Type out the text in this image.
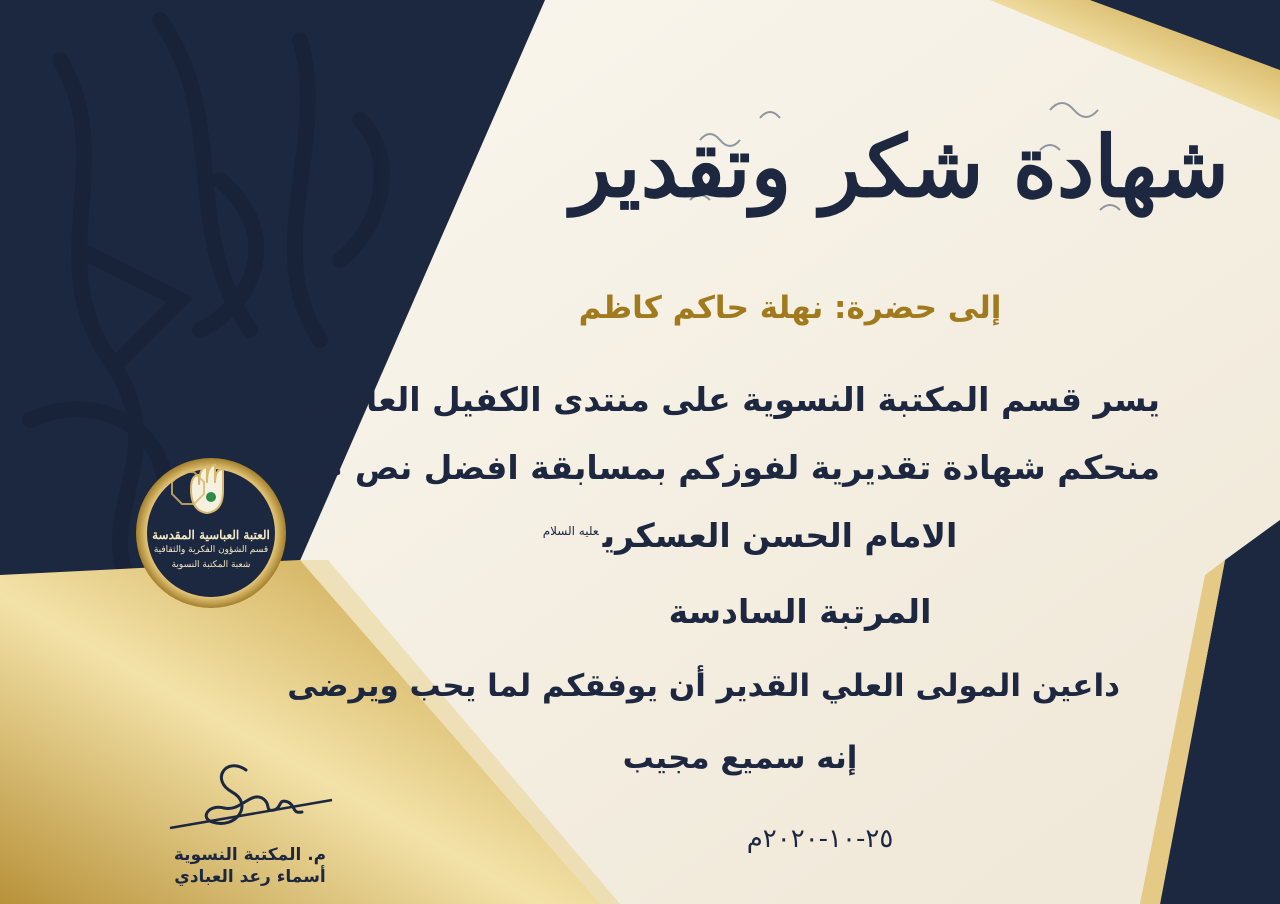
العتبة العباسية المقدسة
قسم الشؤون الفكرية والثقافية
شعبة المكتبة النسوية
شهادة شكر وتقدير
إلى حضرة: نهلة حاكم كاظم
يسر قسم المكتبة النسوية على منتدى الكفيل العالمي
منحكم شهادة تقديرية لفوزكم بمسابقة افضل نص عن
الامام الحسن العسكري$^{عليه السلام}$
المرتبة السادسة
داعين المولى العلي القدير أن يوفقكم لما يحب ويرضى
إنه سميع مجيب
٢٥-١٠-٢٠٢٠م
م. المكتبة النسوية
أسماء رعد العبادي
